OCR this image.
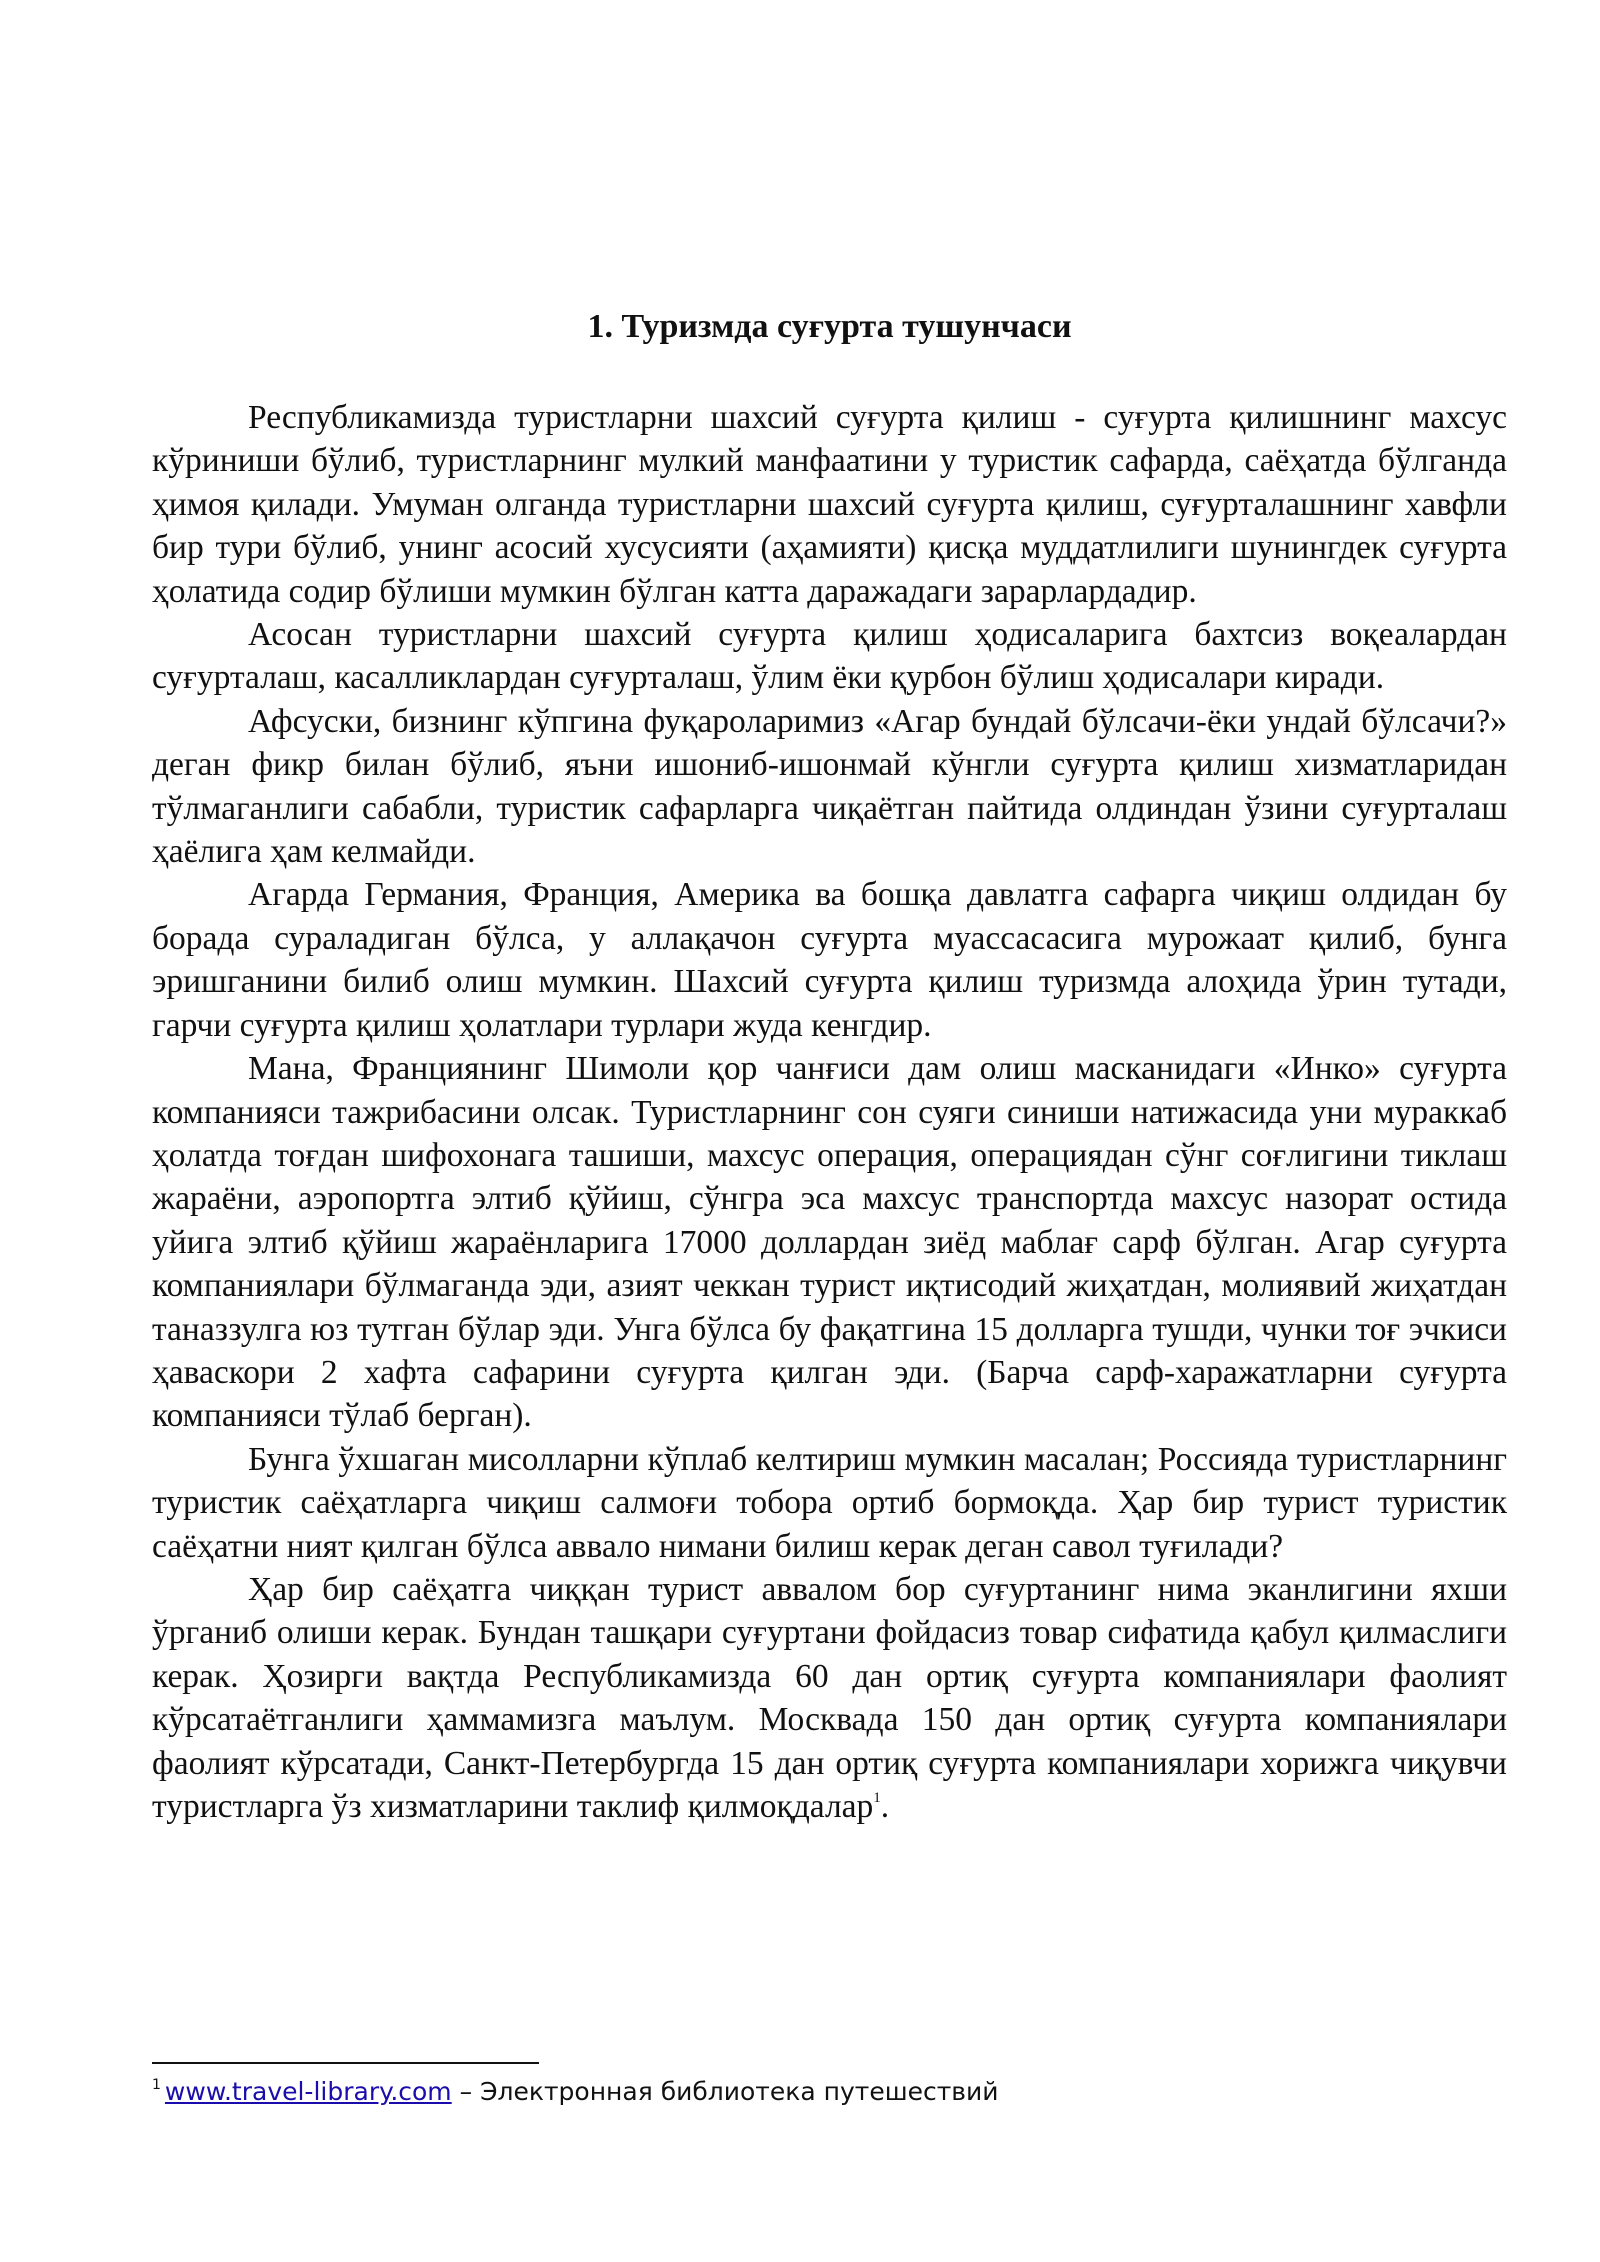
1. Туризмда суғурта тушунчаси

Республикамизда туристларни шахсий суғурта қилиш - суғурта қилишнинг махсус кўриниши бўлиб, туристларнинг мулкий манфаатини у туристик сафарда, саёҳатда бўлганда ҳимоя қилади. Умуман олганда туристларни шахсий суғурта қилиш, суғурталашнинг хавфли бир тури бўлиб, унинг асосий хусусияти (аҳамияти) қисқа муддатлилиги шунингдек суғурта ҳолатида содир бўлиши мумкин бўлган катта даражадаги зарарлардадир.

Асосан туристларни шахсий суғурта қилиш ҳодисаларига бахтсиз воқеалардан суғурталаш, касалликлардан суғурталаш, ўлим ёки қурбон бўлиш ҳодисалари киради.

Афсуски, бизнинг кўпгина фуқароларимиз «Агар бундай бўлсачи-ёки ундай бўлсачи?» деган фикр билан бўлиб, яъни ишониб-ишонмай кўнгли суғурта қилиш хизматларидан тўлмаганлиги сабабли, туристик сафарларга чиқаётган пайтида олдиндан ўзини суғурталаш ҳаёлига ҳам келмайди.

Агарда Германия, Франция, Америка ва бошқа давлатга сафарга чиқиш олдидан бу борада сураладиган бўлса, у аллақачон суғурта муассасасига мурожаат қилиб, бунга эришганини билиб олиш мумкин. Шахсий суғурта қилиш туризмда алоҳида ўрин тутади, гарчи суғурта қилиш ҳолатлари турлари жуда кенгдир.

Мана, Франциянинг Шимоли қор чанғиси дам олиш масканидаги «Инко» суғурта компанияси тажрибасини олсак. Туристларнинг сон суяги синиши натижасида уни мураккаб ҳолатда тоғдан шифохонага ташиши, махсус операция, операциядан сўнг соғлигини тиклаш жараёни, аэропортга элтиб қўйиш, сўнгра эса махсус транспортда махсус назорат остида уйига элтиб қўйиш жараёнларига 17000 доллардан зиёд маблағ сарф бўлган. Агар суғурта компаниялари бўлмаганда эди, азият чеккан турист иқтисодий жиҳатдан, молиявий жиҳатдан таназзулга юз тутган бўлар эди. Унга бўлса бу фақатгина 15 долларга тушди, чунки тоғ эчкиси ҳаваскори 2 хафта сафарини суғурта қилган эди. (Барча сарф-харажатларни суғурта компанияси тўлаб берган).

Бунга ўхшаган мисолларни кўплаб келтириш мумкин масалан; Россияда туристларнинг туристик саёҳатларга чиқиш салмоғи тобора ортиб бормоқда. Ҳар бир турист туристик саёҳатни ният қилган бўлса аввало нимани билиш керак деган савол туғилади?

Ҳар бир саёҳатга чиққан турист аввалом бор суғуртанинг нима эканлигини яхши ўрганиб олиши керак. Бундан ташқари суғуртани фойдасиз товар сифатида қабул қилмаслиги керак. Ҳозирги вақтда Республикамизда 60 дан ортиқ суғурта компаниялари фаолият кўрсатаётганлиги ҳаммамизга маълум. Москвада 150 дан ортиқ суғурта компаниялари фаолият кўрсатади, Санкт-Петербургда 15 дан ортиқ суғурта компаниялари хорижга чиқувчи туристларга ўз хизматларини таклиф қилмоқдалар$^1$.

$^1$ www.travel-library.com – Электронная библиотека путешествий
